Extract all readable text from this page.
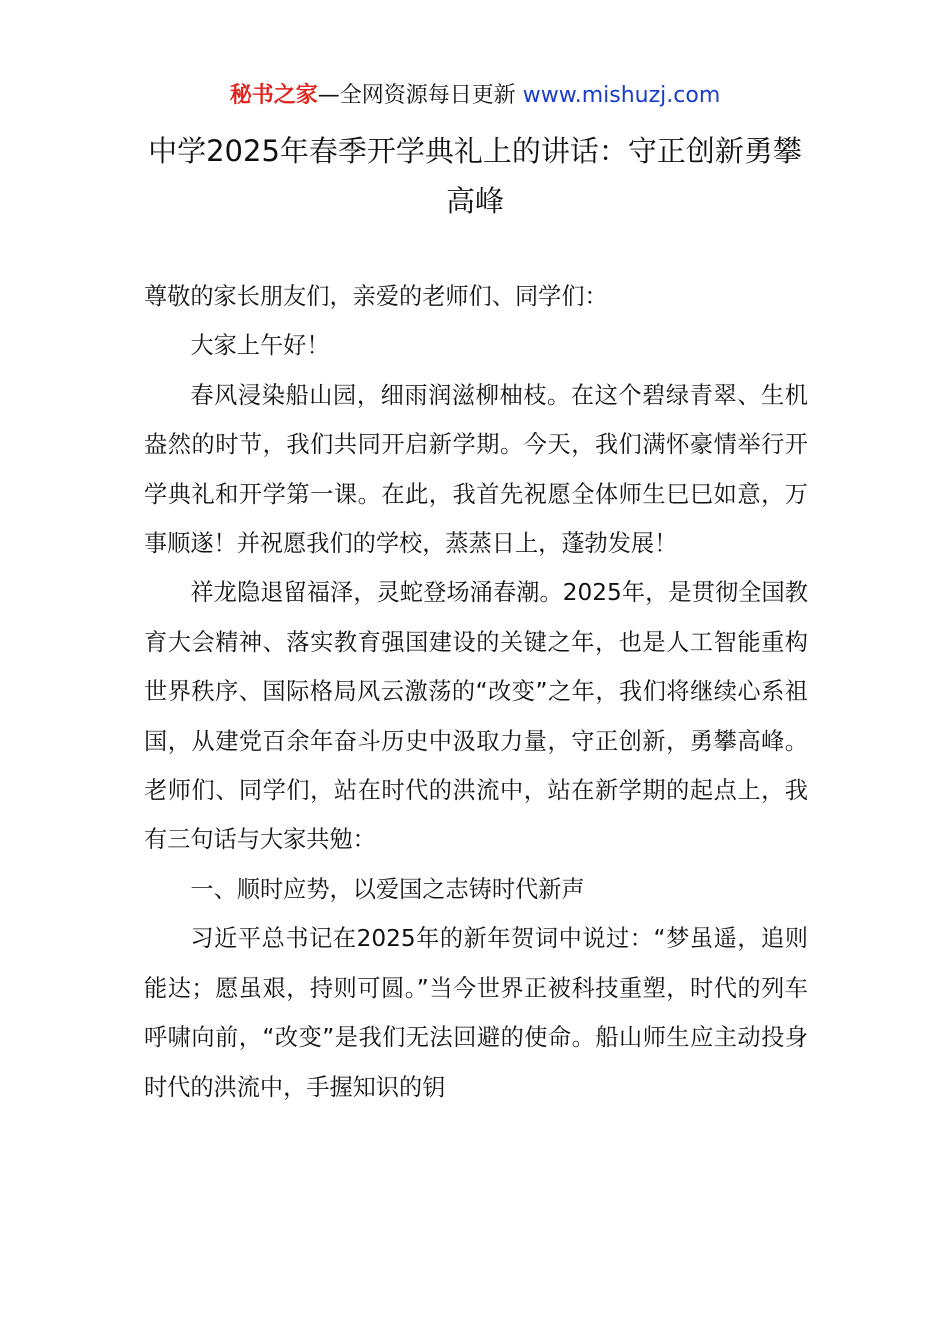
秘书之家—全网资源每日更新 www.mishuzj.com
中学2025年春季开学典礼上的讲话：守正创新勇攀高峰

尊敬的家长朋友们，亲爱的老师们、同学们：

大家上午好！

春风浸染船山园，细雨润滋柳柚枝。在这个碧绿青翠、生机盎然的时节，我们共同开启新学期。今天，我们满怀豪情举行开学典礼和开学第一课。在此，我首先祝愿全体师生巳巳如意，万事顺遂！并祝愿我们的学校，蒸蒸日上，蓬勃发展！

祥龙隐退留福泽，灵蛇登场涌春潮。2025年，是贯彻全国教育大会精神、落实教育强国建设的关键之年，也是人工智能重构世界秩序、国际格局风云激荡的“改变”之年，我们将继续心系祖国，从建党百余年奋斗历史中汲取力量，守正创新，勇攀高峰。老师们、同学们，站在时代的洪流中，站在新学期的起点上，我有三句话与大家共勉：

一、顺时应势，以爱国之志铸时代新声

习近平总书记在2025年的新年贺词中说过：“梦虽遥，追则能达；愿虽艰，持则可圆。”当今世界正被科技重塑，时代的列车呼啸向前，“改变”是我们无法回避的使命。船山师生应主动投身时代的洪流中，手握知识的钥
